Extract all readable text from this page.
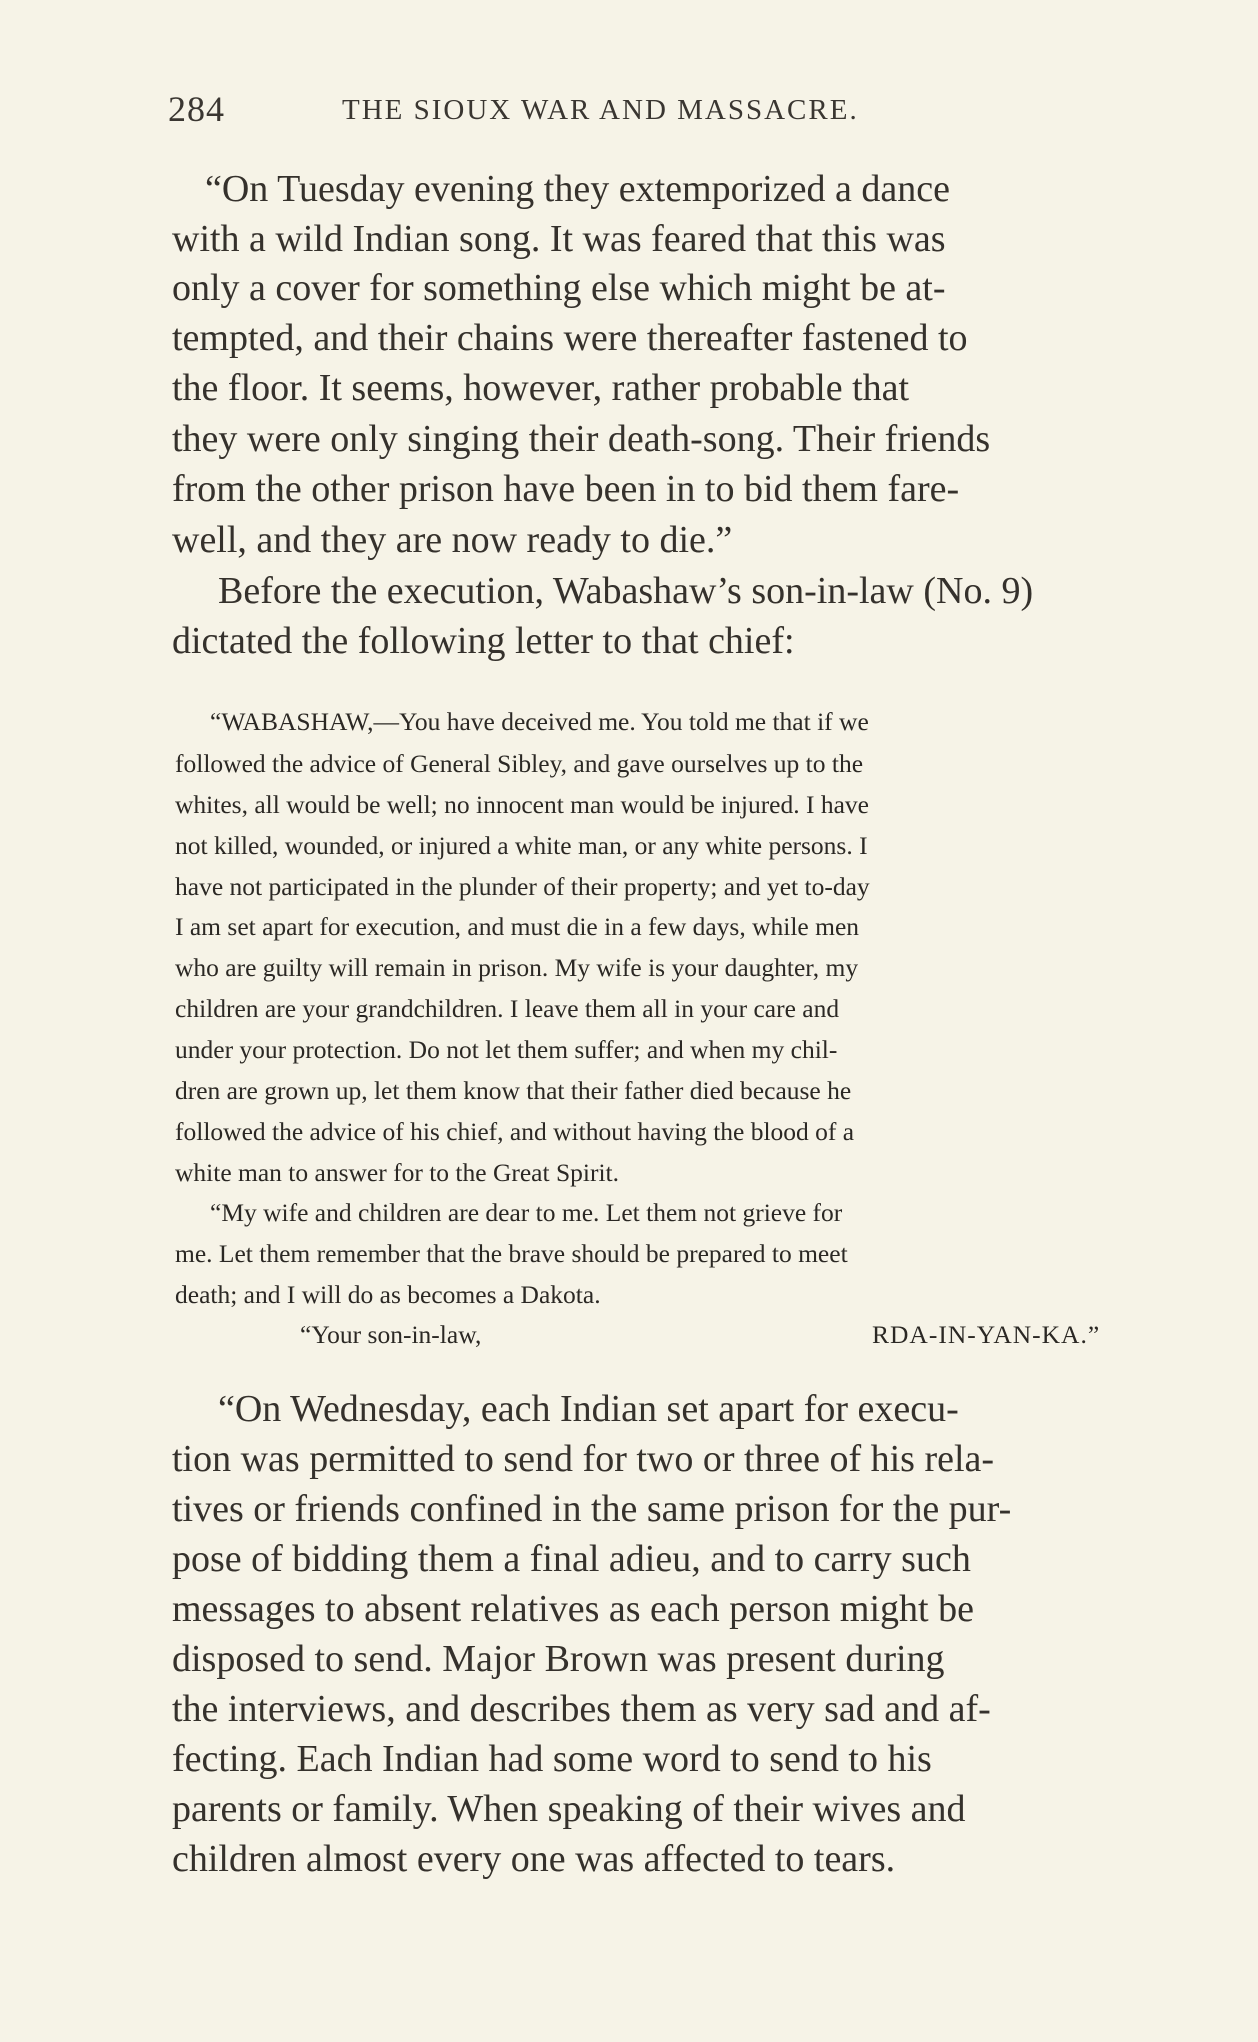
284	THE SIOUX WAR AND MASSACRE.
“On Tuesday evening they extemporized a dance
with a wild Indian song. It was feared that this was
only a cover for something else which might be at-
tempted, and their chains were thereafter fastened to
the floor. It seems, however, rather probable that
they were only singing their death-song. Their friends
from the other prison have been in to bid them fare-
well, and they are now ready to die.”
Before the execution, Wabashaw’s son-in-law (No. 9)
dictated the following letter to that chief:
“WABASHAW,—You have deceived me. You told me that if we
followed the advice of General Sibley, and gave ourselves up to the
whites, all would be well; no innocent man would be injured. I have
not killed, wounded, or injured a white man, or any white persons. I
have not participated in the plunder of their property; and yet to-day
I am set apart for execution, and must die in a few days, while men
who are guilty will remain in prison. My wife is your daughter, my
children are your grandchildren. I leave them all in your care and
under your protection. Do not let them suffer; and when my chil-
dren are grown up, let them know that their father died because he
followed the advice of his chief, and without having the blood of a
white man to answer for to the Great Spirit.
“My wife and children are dear to me. Let them not grieve for
me. Let them remember that the brave should be prepared to meet
death; and I will do as becomes a Dakota.
“Your son-in-law,	RDA-IN-YAN-KA.”
“On Wednesday, each Indian set apart for execu-
tion was permitted to send for two or three of his rela-
tives or friends confined in the same prison for the pur-
pose of bidding them a final adieu, and to carry such
messages to absent relatives as each person might be
disposed to send. Major Brown was present during
the interviews, and describes them as very sad and af-
fecting. Each Indian had some word to send to his
parents or family. When speaking of their wives and
children almost every one was affected to tears.
